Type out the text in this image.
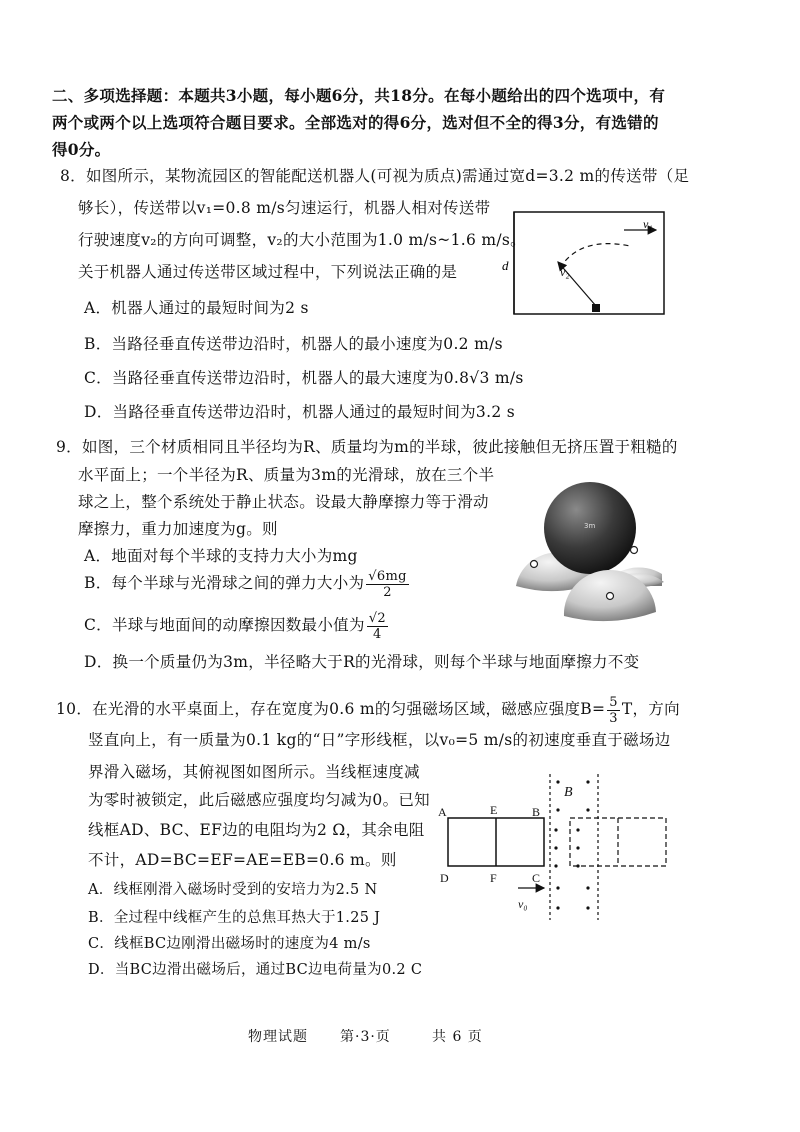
二、多项选择题：本题共3小题，每小题6分，共18分。在每小题给出的四个选项中，有
两个或两个以上选项符合题目要求。全部选对的得6分，选对但不全的得3分，有选错的
得0分。
8．如图所示，某物流园区的智能配送机器人(可视为质点)需通过宽d=3.2 m的传送带（足
够长），传送带以v₁=0.8 m/s匀速运行，机器人相对传送带
行驶速度v₂的方向可调整，v₂的大小范围为1.0 m/s~1.6 m/s。
关于机器人通过传送带区域过程中，下列说法正确的是
A．机器人通过的最短时间为2 s
B．当路径垂直传送带边沿时，机器人的最小速度为0.2 m/s
C．当路径垂直传送带边沿时，机器人的最大速度为0.8√3 m/s
D．当路径垂直传送带边沿时，机器人通过的最短时间为3.2 s
v₁
v₂
d
9．如图，三个材质相同且半径均为R、质量均为m的半球，彼此接触但无挤压置于粗糙的
水平面上；一个半径为R、质量为3m的光滑球，放在三个半
球之上，整个系统处于静止状态。设最大静摩擦力等于滑动
摩擦力，重力加速度为g。则
A．地面对每个半球的支持力大小为mg
B．每个半球与光滑球之间的弹力大小为 $\frac{√6mg}{2}$
C．半球与地面间的动摩擦因数最小值为 $\frac{√2}{4}$
D．换一个质量仍为3m，半径略大于R的光滑球，则每个半球与地面摩擦力不变
3m
10．在光滑的水平桌面上，存在宽度为0.6 m的匀强磁场区域，磁感应强度$B= \frac{5}{3}$ T，方向
竖直向上，有一质量为0.1 kg的“日”字形线框，以v₀=5 m/s的初速度垂直于磁场边
界滑入磁场，其俯视图如图所示。当线框速度减
为零时被锁定，此后磁感应强度均匀减为0。已知
线框AD、BC、EF边的电阻均为2 Ω，其余电阻
不计，AD=BC=EF=AE=EB=0.6 m。则
A．线框刚滑入磁场时受到的安培力为2.5 N
B．全过程中线框产生的总焦耳热大于1.25 J
C．线框BC边刚滑出磁场时的速度为4 m/s
D．当BC边滑出磁场后，通过BC边电荷量为0.2 C
A	E	B
D	F	C
B
v₀
物理试题 第·3·页	共 6 页
